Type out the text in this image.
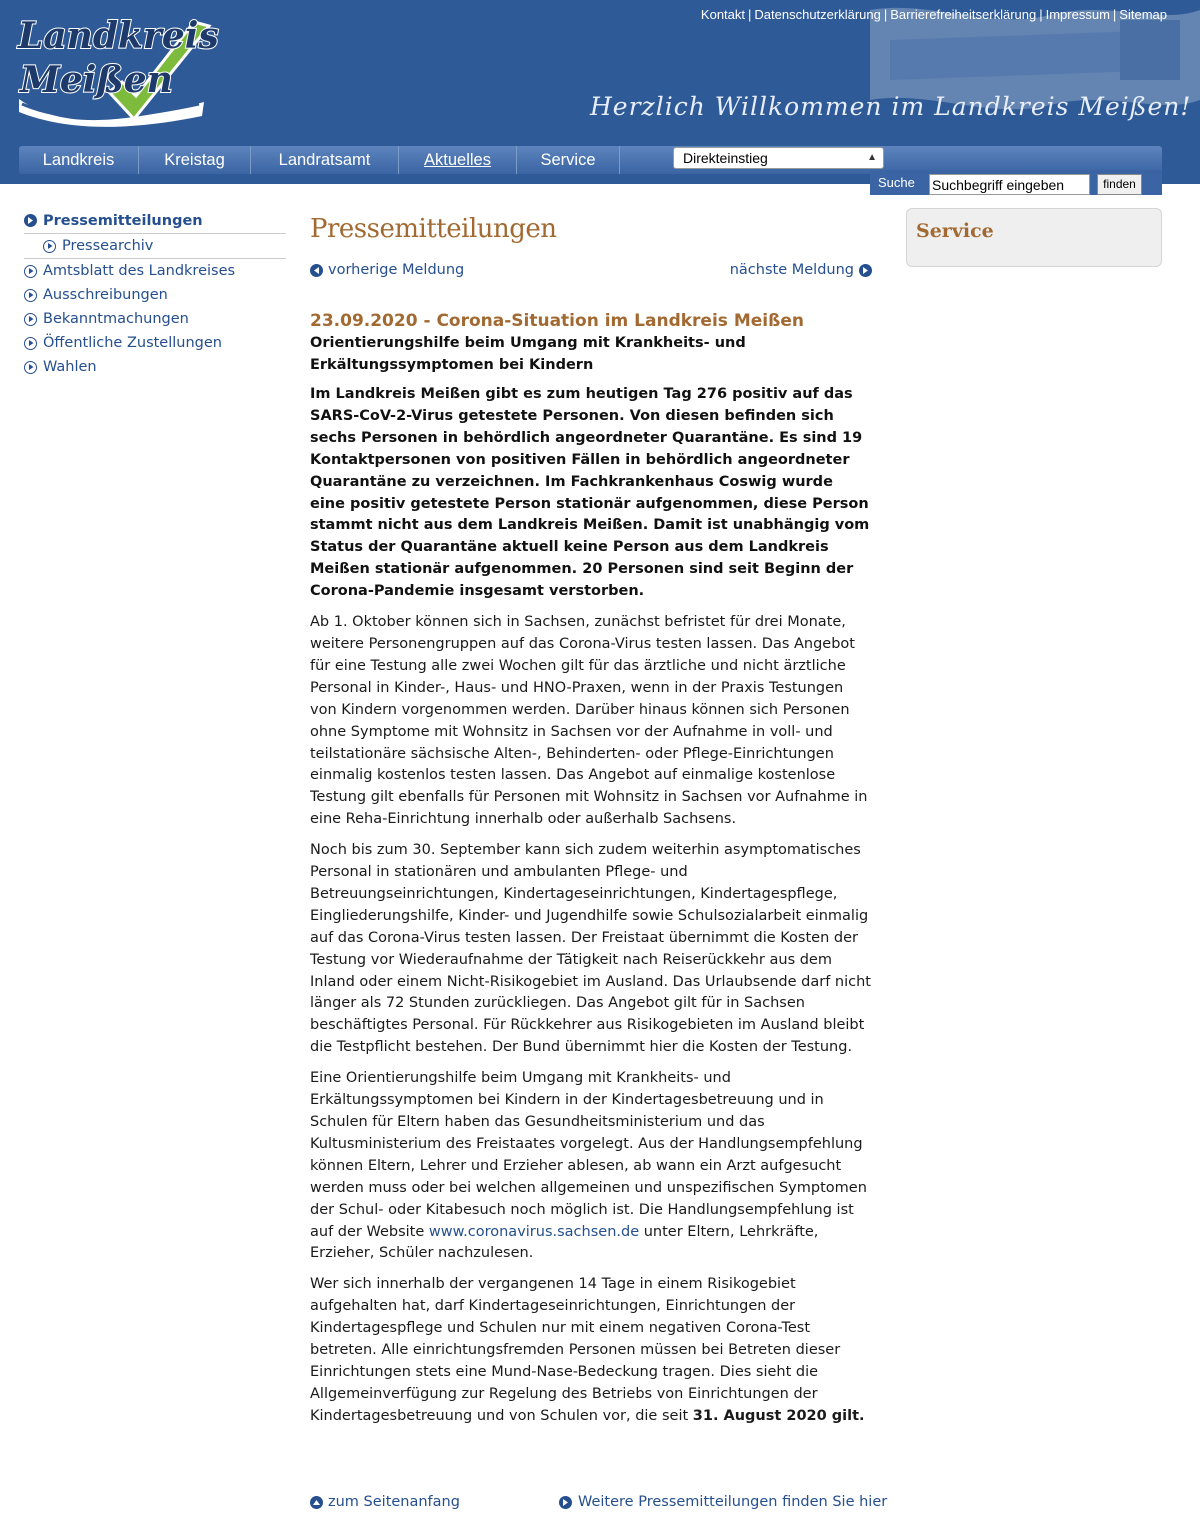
Landkreis
Meißen
Kontakt | Datenschutzerklärung | Barrierefreiheitserklärung | Impressum | Sitemap
Herzlich Willkommen im Landkreis Meißen!
Landkreis	Kreistag	Landratsamt	Aktuelles	Service	Direkteinstieg	▲

Suche Suchbegriff eingeben	finden
Pressemitteilungen
Pressearchiv
Amtsblatt des Landkreises
Ausschreibungen
Bekanntmachungen
Öffentliche Zustellungen
Wahlen
Pressemitteilungen
vorherige Meldung	nächste Meldung
23.09.2020 - Corona-Situation im Landkreis Meißen
Orientierungshilfe beim Umgang mit Krankheits- und Erkältungssymptomen bei Kindern

Im Landkreis Meißen gibt es zum heutigen Tag 276 positiv auf das SARS-CoV-2-Virus getestete Personen. Von diesen befinden sich sechs Personen in behördlich angeordneter Quarantäne. Es sind 19 Kontaktpersonen von positiven Fällen in behördlich angeordneter Quarantäne zu verzeichnen. Im Fachkrankenhaus Coswig wurde eine positiv getestete Person stationär aufgenommen, diese Person stammt nicht aus dem Landkreis Meißen. Damit ist unabhängig vom Status der Quarantäne aktuell keine Person aus dem Landkreis Meißen stationär aufgenommen. 20 Personen sind seit Beginn der Corona-Pandemie insgesamt verstorben.

Ab 1. Oktober können sich in Sachsen, zunächst befristet für drei Monate, weitere Personengruppen auf das Corona-Virus testen lassen. Das Angebot für eine Testung alle zwei Wochen gilt für das ärztliche und nicht ärztliche Personal in Kinder-, Haus- und HNO-Praxen, wenn in der Praxis Testungen von Kindern vorgenommen werden. Darüber hinaus können sich Personen ohne Symptome mit Wohnsitz in Sachsen vor der Aufnahme in voll- und teilstationäre sächsische Alten-, Behinderten- oder Pflege-Einrichtungen einmalig kostenlos testen lassen. Das Angebot auf einmalige kostenlose Testung gilt ebenfalls für Personen mit Wohnsitz in Sachsen vor Aufnahme in eine Reha-Einrichtung innerhalb oder außerhalb Sachsens.

Noch bis zum 30. September kann sich zudem weiterhin asymptomatisches Personal in stationären und ambulanten Pflege- und Betreuungseinrichtungen, Kindertageseinrichtungen, Kindertagespflege, Eingliederungshilfe, Kinder- und Jugendhilfe sowie Schulsozialarbeit einmalig auf das Corona-Virus testen lassen. Der Freistaat übernimmt die Kosten der Testung vor Wiederaufnahme der Tätigkeit nach Reiserückkehr aus dem Inland oder einem Nicht-Risikogebiet im Ausland. Das Urlaubsende darf nicht länger als 72 Stunden zurückliegen. Das Angebot gilt für in Sachsen beschäftigtes Personal. Für Rückkehrer aus Risikogebieten im Ausland bleibt die Testpflicht bestehen. Der Bund übernimmt hier die Kosten der Testung.

Eine Orientierungshilfe beim Umgang mit Krankheits- und Erkältungssymptomen bei Kindern in der Kindertagesbetreuung und in Schulen für Eltern haben das Gesundheitsministerium und das Kultusministerium des Freistaates vorgelegt. Aus der Handlungsempfehlung können Eltern, Lehrer und Erzieher ablesen, ab wann ein Arzt aufgesucht werden muss oder bei welchen allgemeinen und unspezifischen Symptomen der Schul- oder Kitabesuch noch möglich ist. Die Handlungsempfehlung ist auf der Website www.coronavirus.sachsen.de unter Eltern, Lehrkräfte, Erzieher, Schüler nachzulesen.

Wer sich innerhalb der vergangenen 14 Tage in einem Risikogebiet aufgehalten hat, darf Kindertageseinrichtungen, Einrichtungen der Kindertagespflege und Schulen nur mit einem negativen Corona-Test betreten. Alle einrichtungsfremden Personen müssen bei Betreten dieser Einrichtungen stets eine Mund-Nase-Bedeckung tragen. Dies sieht die Allgemeinverfügung zur Regelung des Betriebs von Einrichtungen der Kindertagesbetreuung und von Schulen vor, die seit 31. August 2020 gilt.

zum Seitenanfang	Weitere Pressemitteilungen finden Sie hier
Service
